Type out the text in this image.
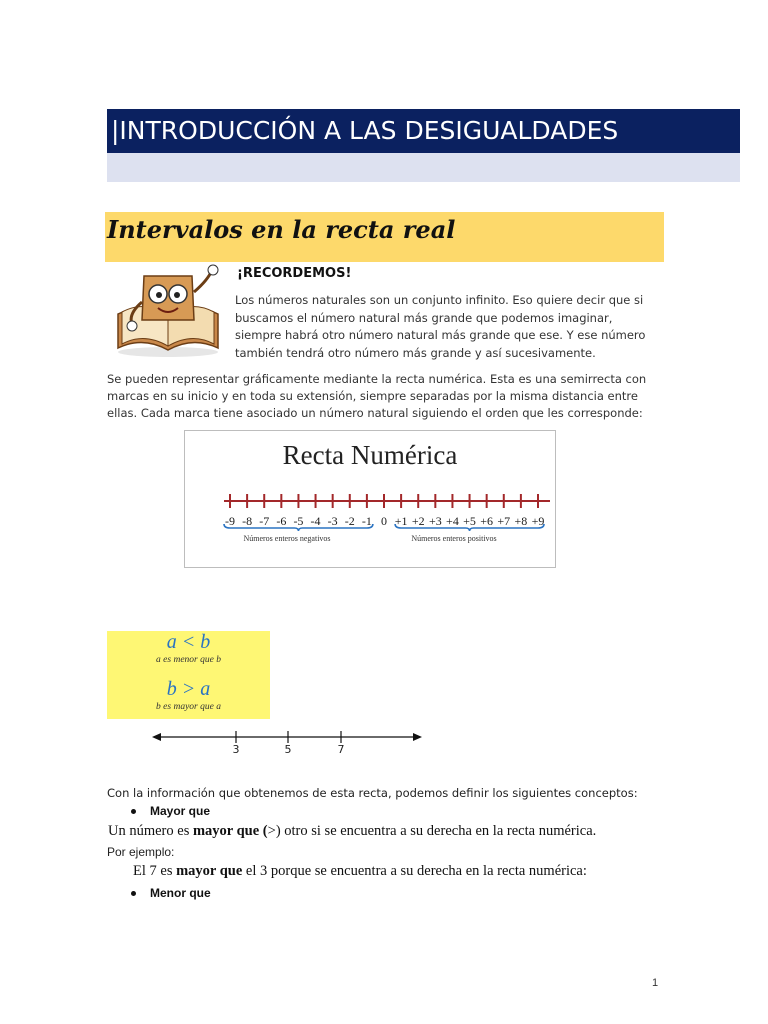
|INTRODUCCIÓN A LAS DESIGUALDADES
Intervalos en la recta real
¡RECORDEMOS!
Los números naturales son un conjunto infinito. Eso quiere decir que si buscamos el número natural más grande que podemos imaginar, siempre habrá otro número natural más grande que ese. Y ese número también tendrá otro número más grande y así sucesivamente.
Se pueden representar gráficamente mediante la recta numérica. Esta es una semirrecta con marcas en su inicio y en toda su extensión, siempre separadas por la misma distancia entre ellas. Cada marca tiene asociado un número natural siguiendo el orden que les corresponde:
Recta Numérica
Números enteros negativos	Números enteros positivos
-9 -8 -7 -6 -5 -4 -3 -2 -1 0 +1 +2 +3 +4 +5 +6 +7 +8 +9
a < b
a es menor que b
b > a
b es mayor que a
3	5	7
Con la información que obtenemos de esta recta, podemos definir los siguientes conceptos:
Mayor que
Un número es mayor que (>) otro si se encuentra a su derecha en la recta numérica.
Por ejemplo:
El 7 es mayor que el 3 porque se encuentra a su derecha en la recta numérica:
Menor que
1
